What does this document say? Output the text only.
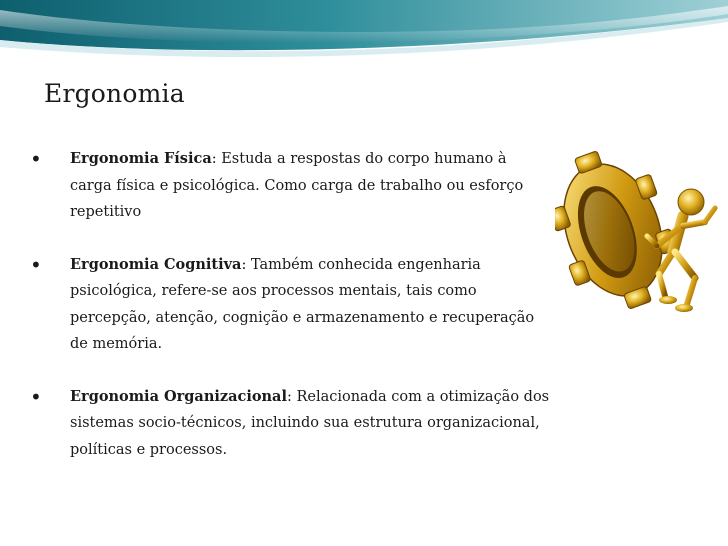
Ergonomia
• Ergonomia Física: Estuda a respostas do corpo humano à carga física e psicológica. Como carga de trabalho ou esforço repetitivo
• Ergonomia Cognitiva: Também conhecida engenharia psicológica, refere-se aos processos mentais, tais como percepção, atenção, cognição e armazenamento e recuperação de memória.
• Ergonomia Organizacional: Relacionada com a otimização dos sistemas socio-técnicos, incluindo sua estrutura organizacional, políticas e processos.
